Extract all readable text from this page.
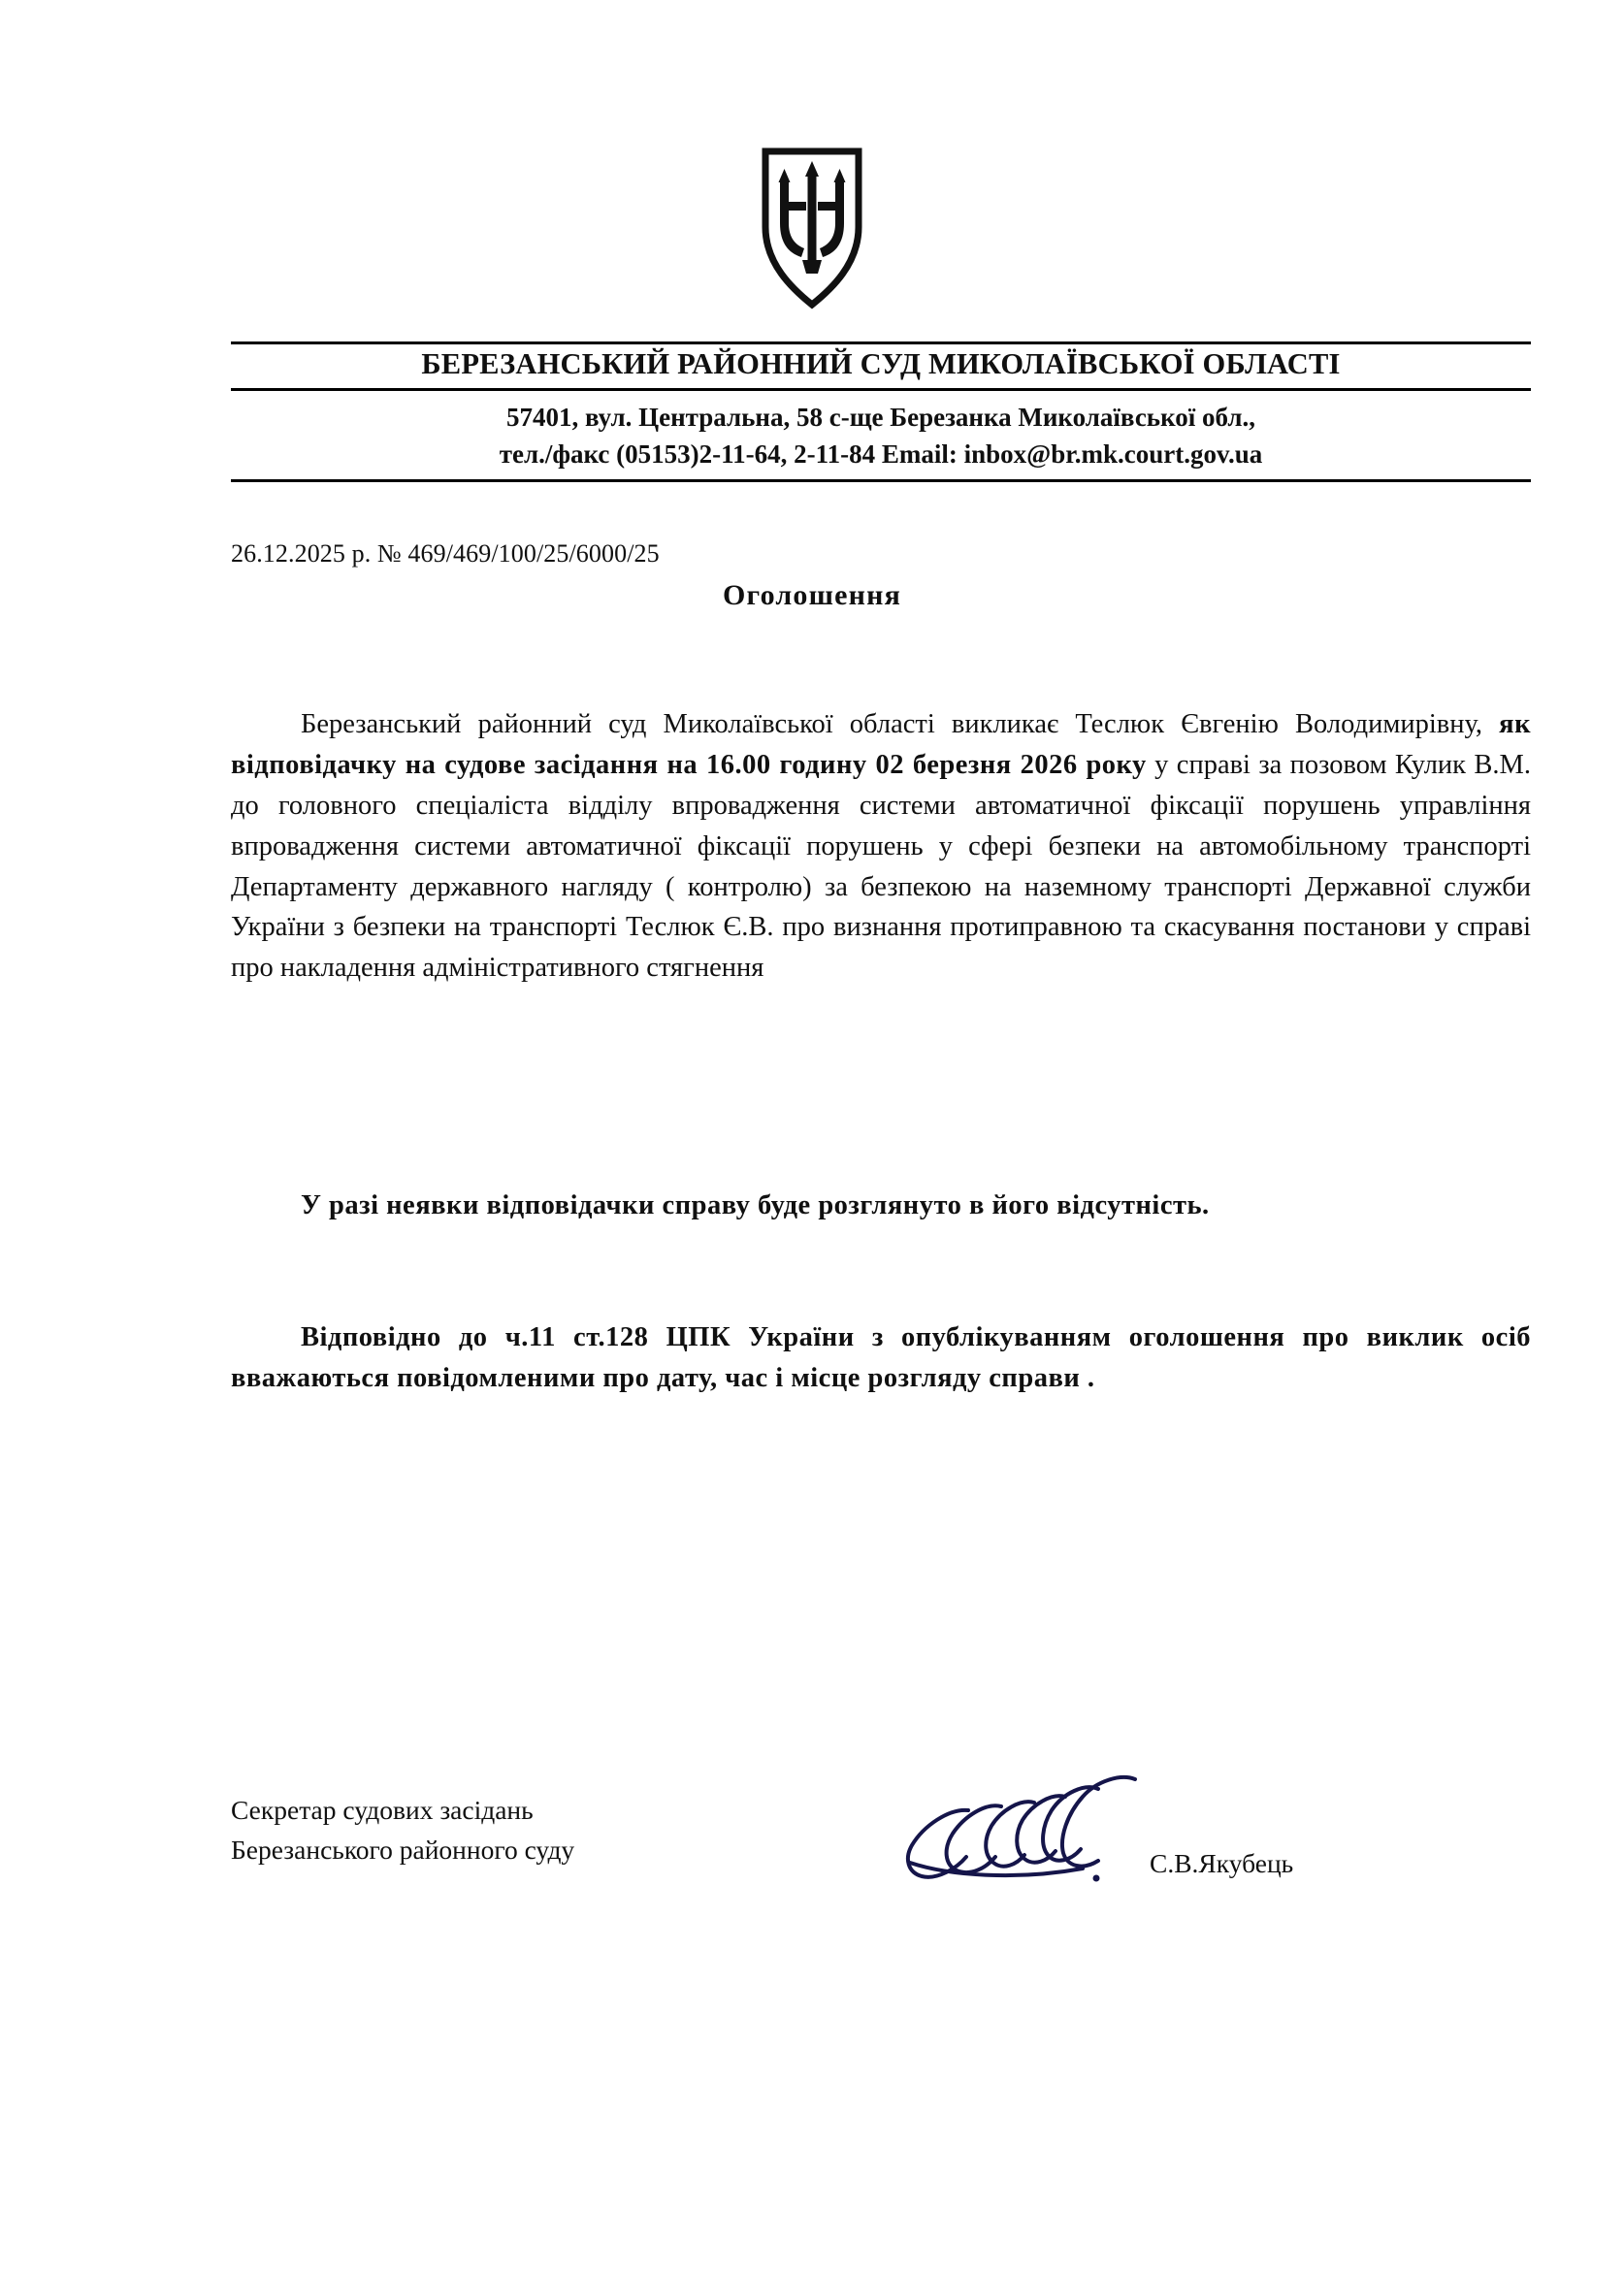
БЕРЕЗАНСЬКИЙ РАЙОННИЙ СУД МИКОЛАЇВСЬКОЇ ОБЛАСТІ
57401, вул. Центральна, 58 с-ще Березанка Миколаївської обл.,
тел./факс (05153)2-11-64, 2-11-84 Email: inbox@br.mk.court.gov.ua
26.12.2025 р. № 469/469/100/25/6000/25
Оголошення
Березанський районний суд Миколаївської області викликає Теслюк Євгенію Володимирівну, як відповідачку на судове засідання на 16.00 годину 02 березня 2026 року у справі за позовом Кулик В.М. до головного спеціаліста відділу впровадження системи автоматичної фіксації порушень управління впровадження системи автоматичної фіксації порушень у сфері безпеки на автомобільному транспорті Департаменту державного нагляду ( контролю) за безпекою на наземному транспорті Державної служби України з безпеки на транспорті Теслюк Є.В. про визнання протиправною та скасування постанови у справі про накладення адміністративного стягнення
У разі неявки відповідачки справу буде розглянуто в його відсутність.
Відповідно до ч.11 ст.128 ЦПК України з опублікуванням оголошення про виклик осіб вважаються повідомленими про дату, час і місце розгляду справи .
Секретар судових засідань
Березанського районного суду	С.В.Якубець
